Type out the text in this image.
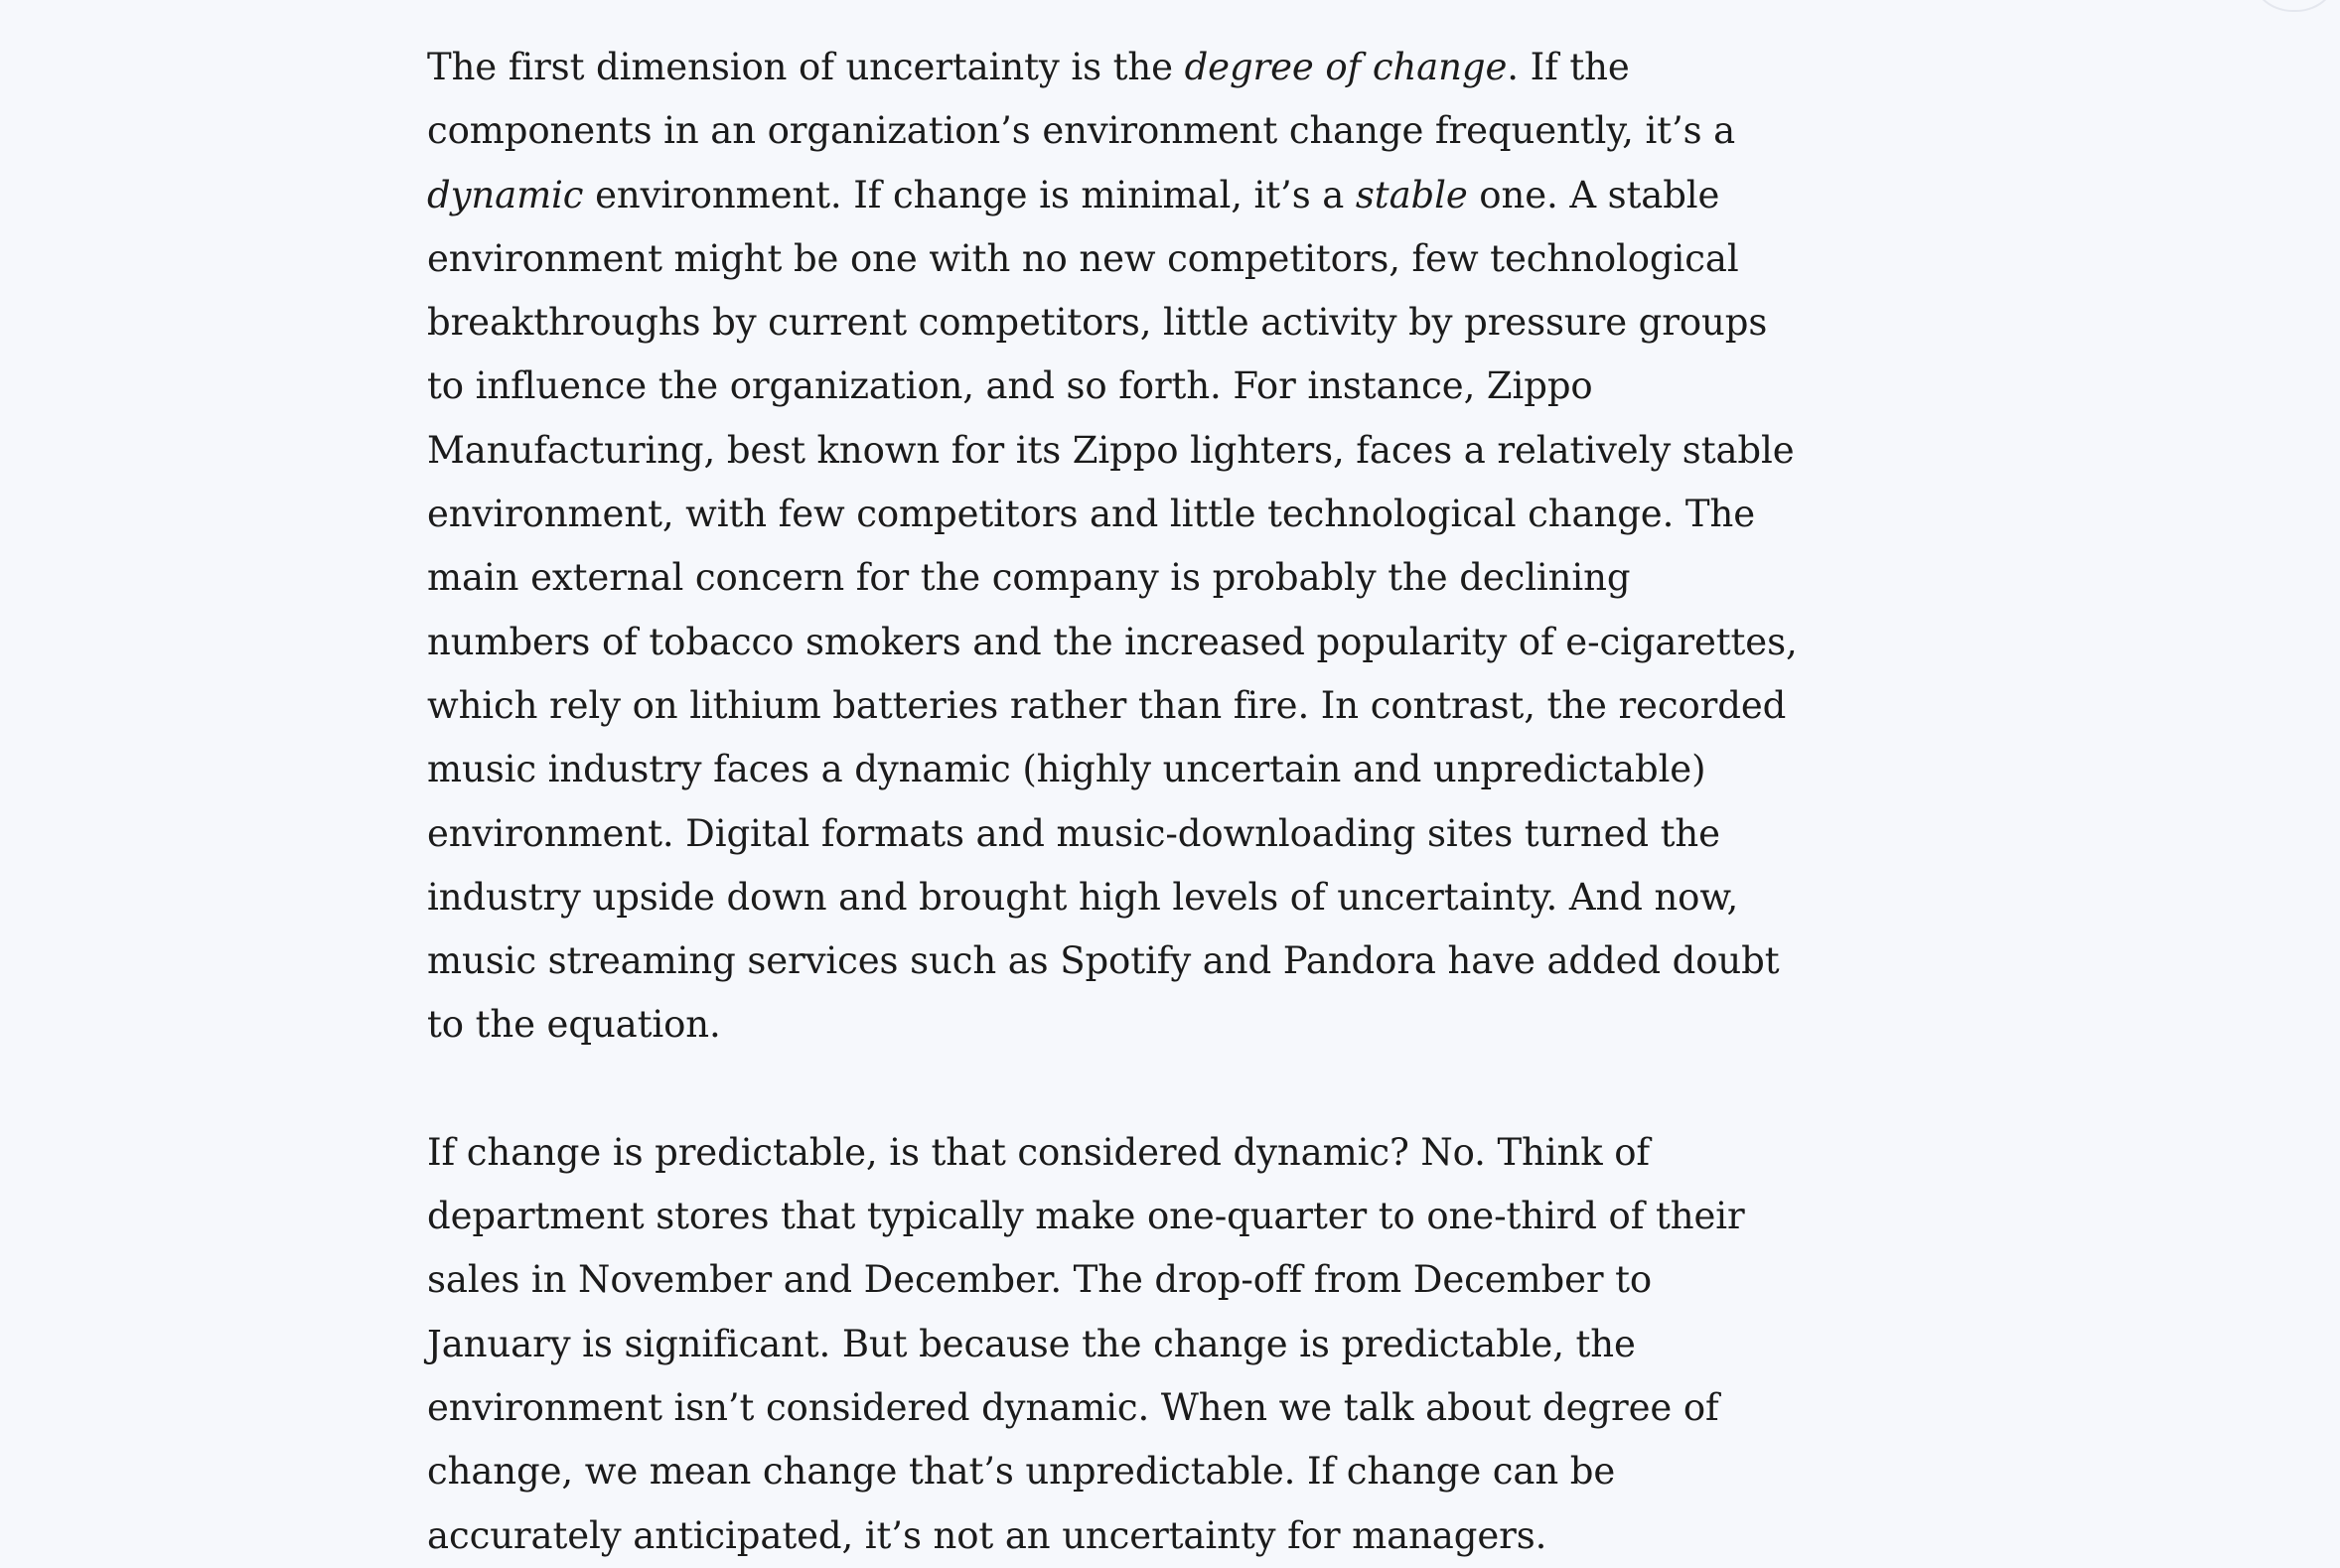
The first dimension of uncertainty is the degree of change. If the components in an organization’s environment change frequently, it’s a dynamic environment. If change is minimal, it’s a stable one. A stable environment might be one with no new competitors, few technological breakthroughs by current competitors, little activity by pressure groups to influence the organization, and so forth. For instance, Zippo Manufacturing, best known for its Zippo lighters, faces a relatively stable environment, with few competitors and little technological change. The main external concern for the company is probably the declining numbers of tobacco smokers and the increased popularity of e-cigarettes, which rely on lithium batteries rather than fire. In contrast, the recorded music industry faces a dynamic (highly uncertain and unpredictable) environment. Digital formats and music-downloading sites turned the industry upside down and brought high levels of uncertainty. And now, music streaming services such as Spotify and Pandora have added doubt to the equation.

If change is predictable, is that considered dynamic? No. Think of department stores that typically make one-quarter to one-third of their sales in November and December. The drop-off from December to January is significant. But because the change is predictable, the environment isn’t considered dynamic. When we talk about degree of change, we mean change that’s unpredictable. If change can be accurately anticipated, it’s not an uncertainty for managers.
